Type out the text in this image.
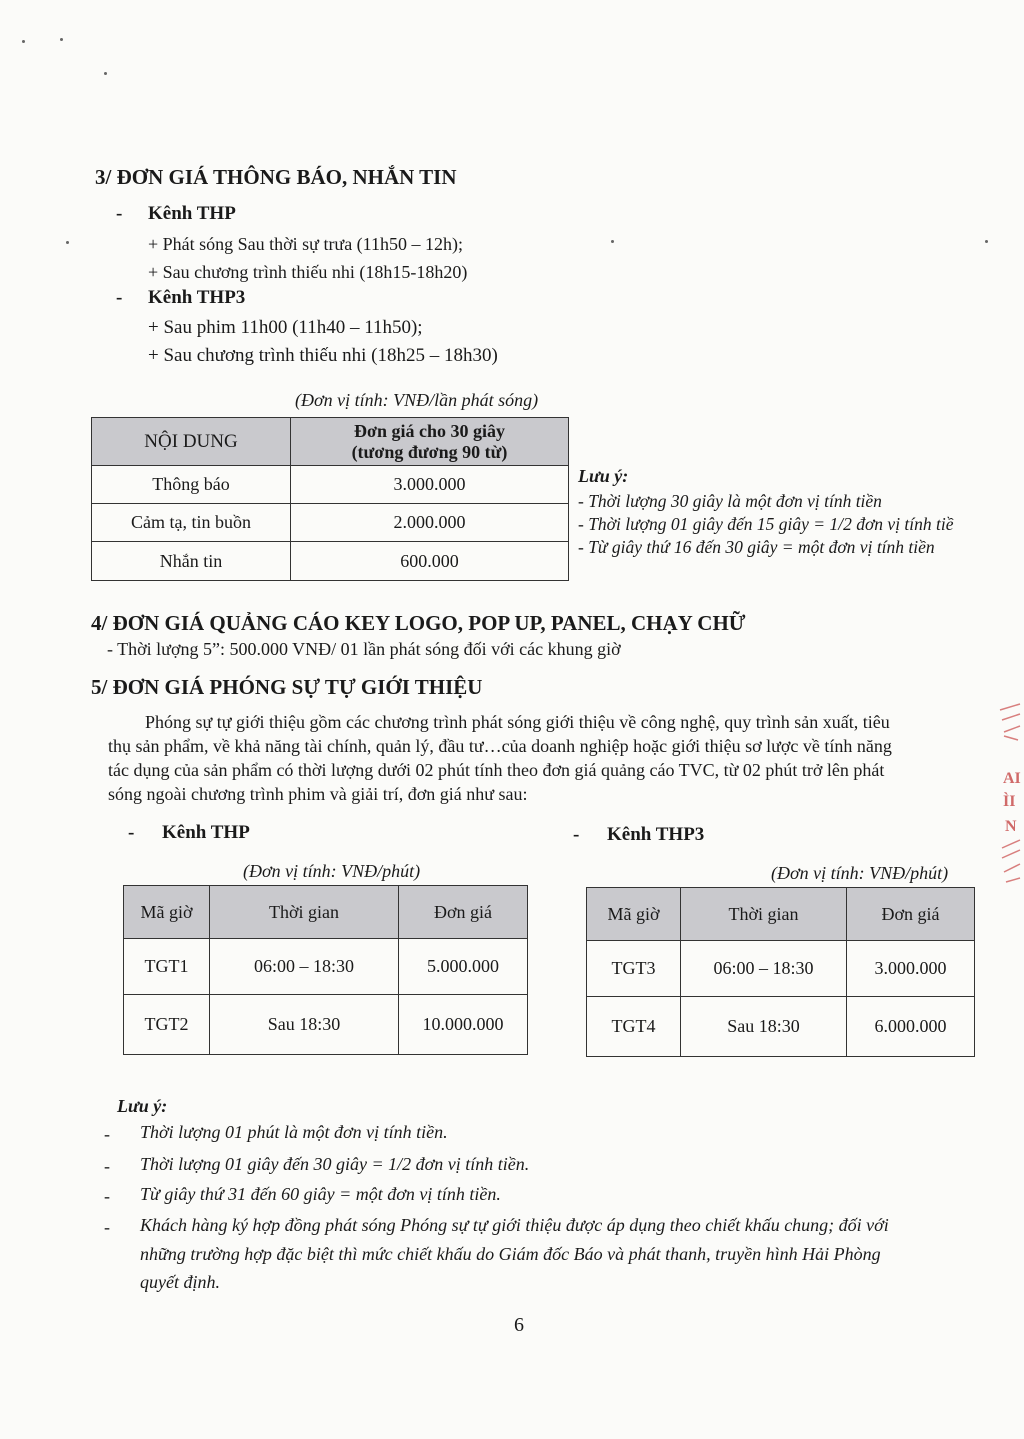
3/ ĐƠN GIÁ THÔNG BÁO, NHẮN TIN
- Kênh THP
+ Phát sóng Sau thời sự trưa (11h50 – 12h);
+ Sau chương trình thiếu nhi (18h15-18h20)
- Kênh THP3
+ Sau phim 11h00 (11h40 – 11h50);
+ Sau chương trình thiếu nhi (18h25 – 18h30)
(Đơn vị tính: VNĐ/lần phát sóng)
NỘI DUNG	Đơn giá cho 30 giây
(tương đương 90 từ)
Thông báo	3.000.000
Cảm tạ, tin buồn	2.000.000
Nhắn tin	600.000
Lưu ý:
- Thời lượng 30 giây là một đơn vị tính tiền
- Thời lượng 01 giây đến 15 giây = 1/2 đơn vị tính tiề
- Từ giây thứ 16 đến 30 giây = một đơn vị tính tiền
4/ ĐƠN GIÁ QUẢNG CÁO KEY LOGO, POP UP, PANEL, CHẠY CHỮ
- Thời lượng 5”: 500.000 VNĐ/ 01 lần phát sóng đối với các khung giờ
5/ ĐƠN GIÁ PHÓNG SỰ TỰ GIỚI THIỆU
Phóng sự tự giới thiệu gồm các chương trình phát sóng giới thiệu về công nghệ, quy trình sản xuất, tiêu
thụ sản phẩm, về khả năng tài chính, quản lý, đầu tư…của doanh nghiệp hoặc giới thiệu sơ lược về tính năng
tác dụng của sản phẩm có thời lượng dưới 02 phút tính theo đơn giá quảng cáo TVC, từ 02 phút trở lên phát
sóng ngoài chương trình phim và giải trí, đơn giá như sau:
- Kênh THP	- Kênh THP3
(Đơn vị tính: VNĐ/phút)	(Đơn vị tính: VNĐ/phút)
Mã giờ	Thời gian	Đơn giá
TGT1	06:00 – 18:30	5.000.000
TGT2	Sau 18:30	10.000.000
Mã giờ	Thời gian	Đơn giá
TGT3	06:00 – 18:30	3.000.000
TGT4	Sau 18:30	6.000.000
Lưu ý:
- Thời lượng 01 phút là một đơn vị tính tiền.
- Thời lượng 01 giây đến 30 giây = 1/2 đơn vị tính tiền.
- Từ giây thứ 31 đến 60 giây = một đơn vị tính tiền.
- Khách hàng ký hợp đồng phát sóng Phóng sự tự giới thiệu được áp dụng theo chiết khấu chung; đối với
những trường hợp đặc biệt thì mức chiết khấu do Giám đốc Báo và phát thanh, truyền hình Hải Phòng
quyết định.
6
AI
ÌI
N
